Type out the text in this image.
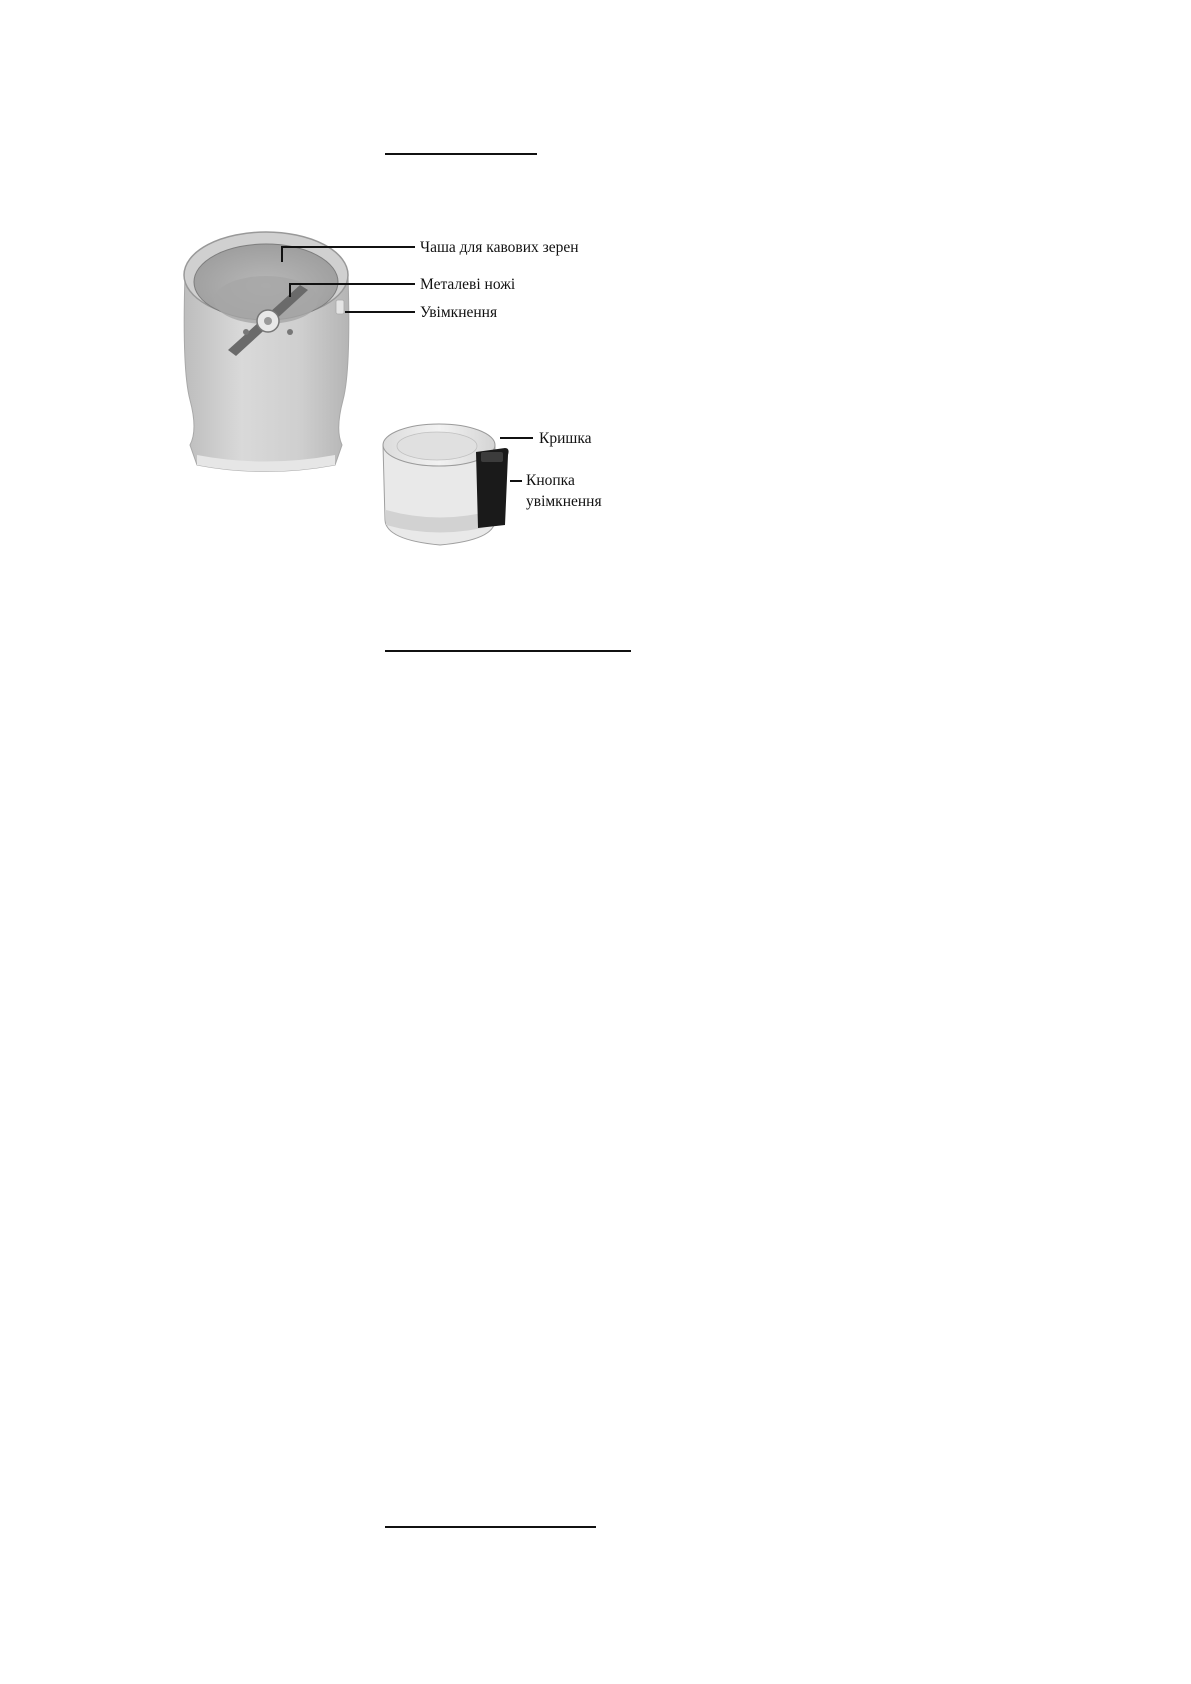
Чаша для кавових зерен
Металеві ножі
Увімкнення
Кришка
Кнопка
увімкнення
